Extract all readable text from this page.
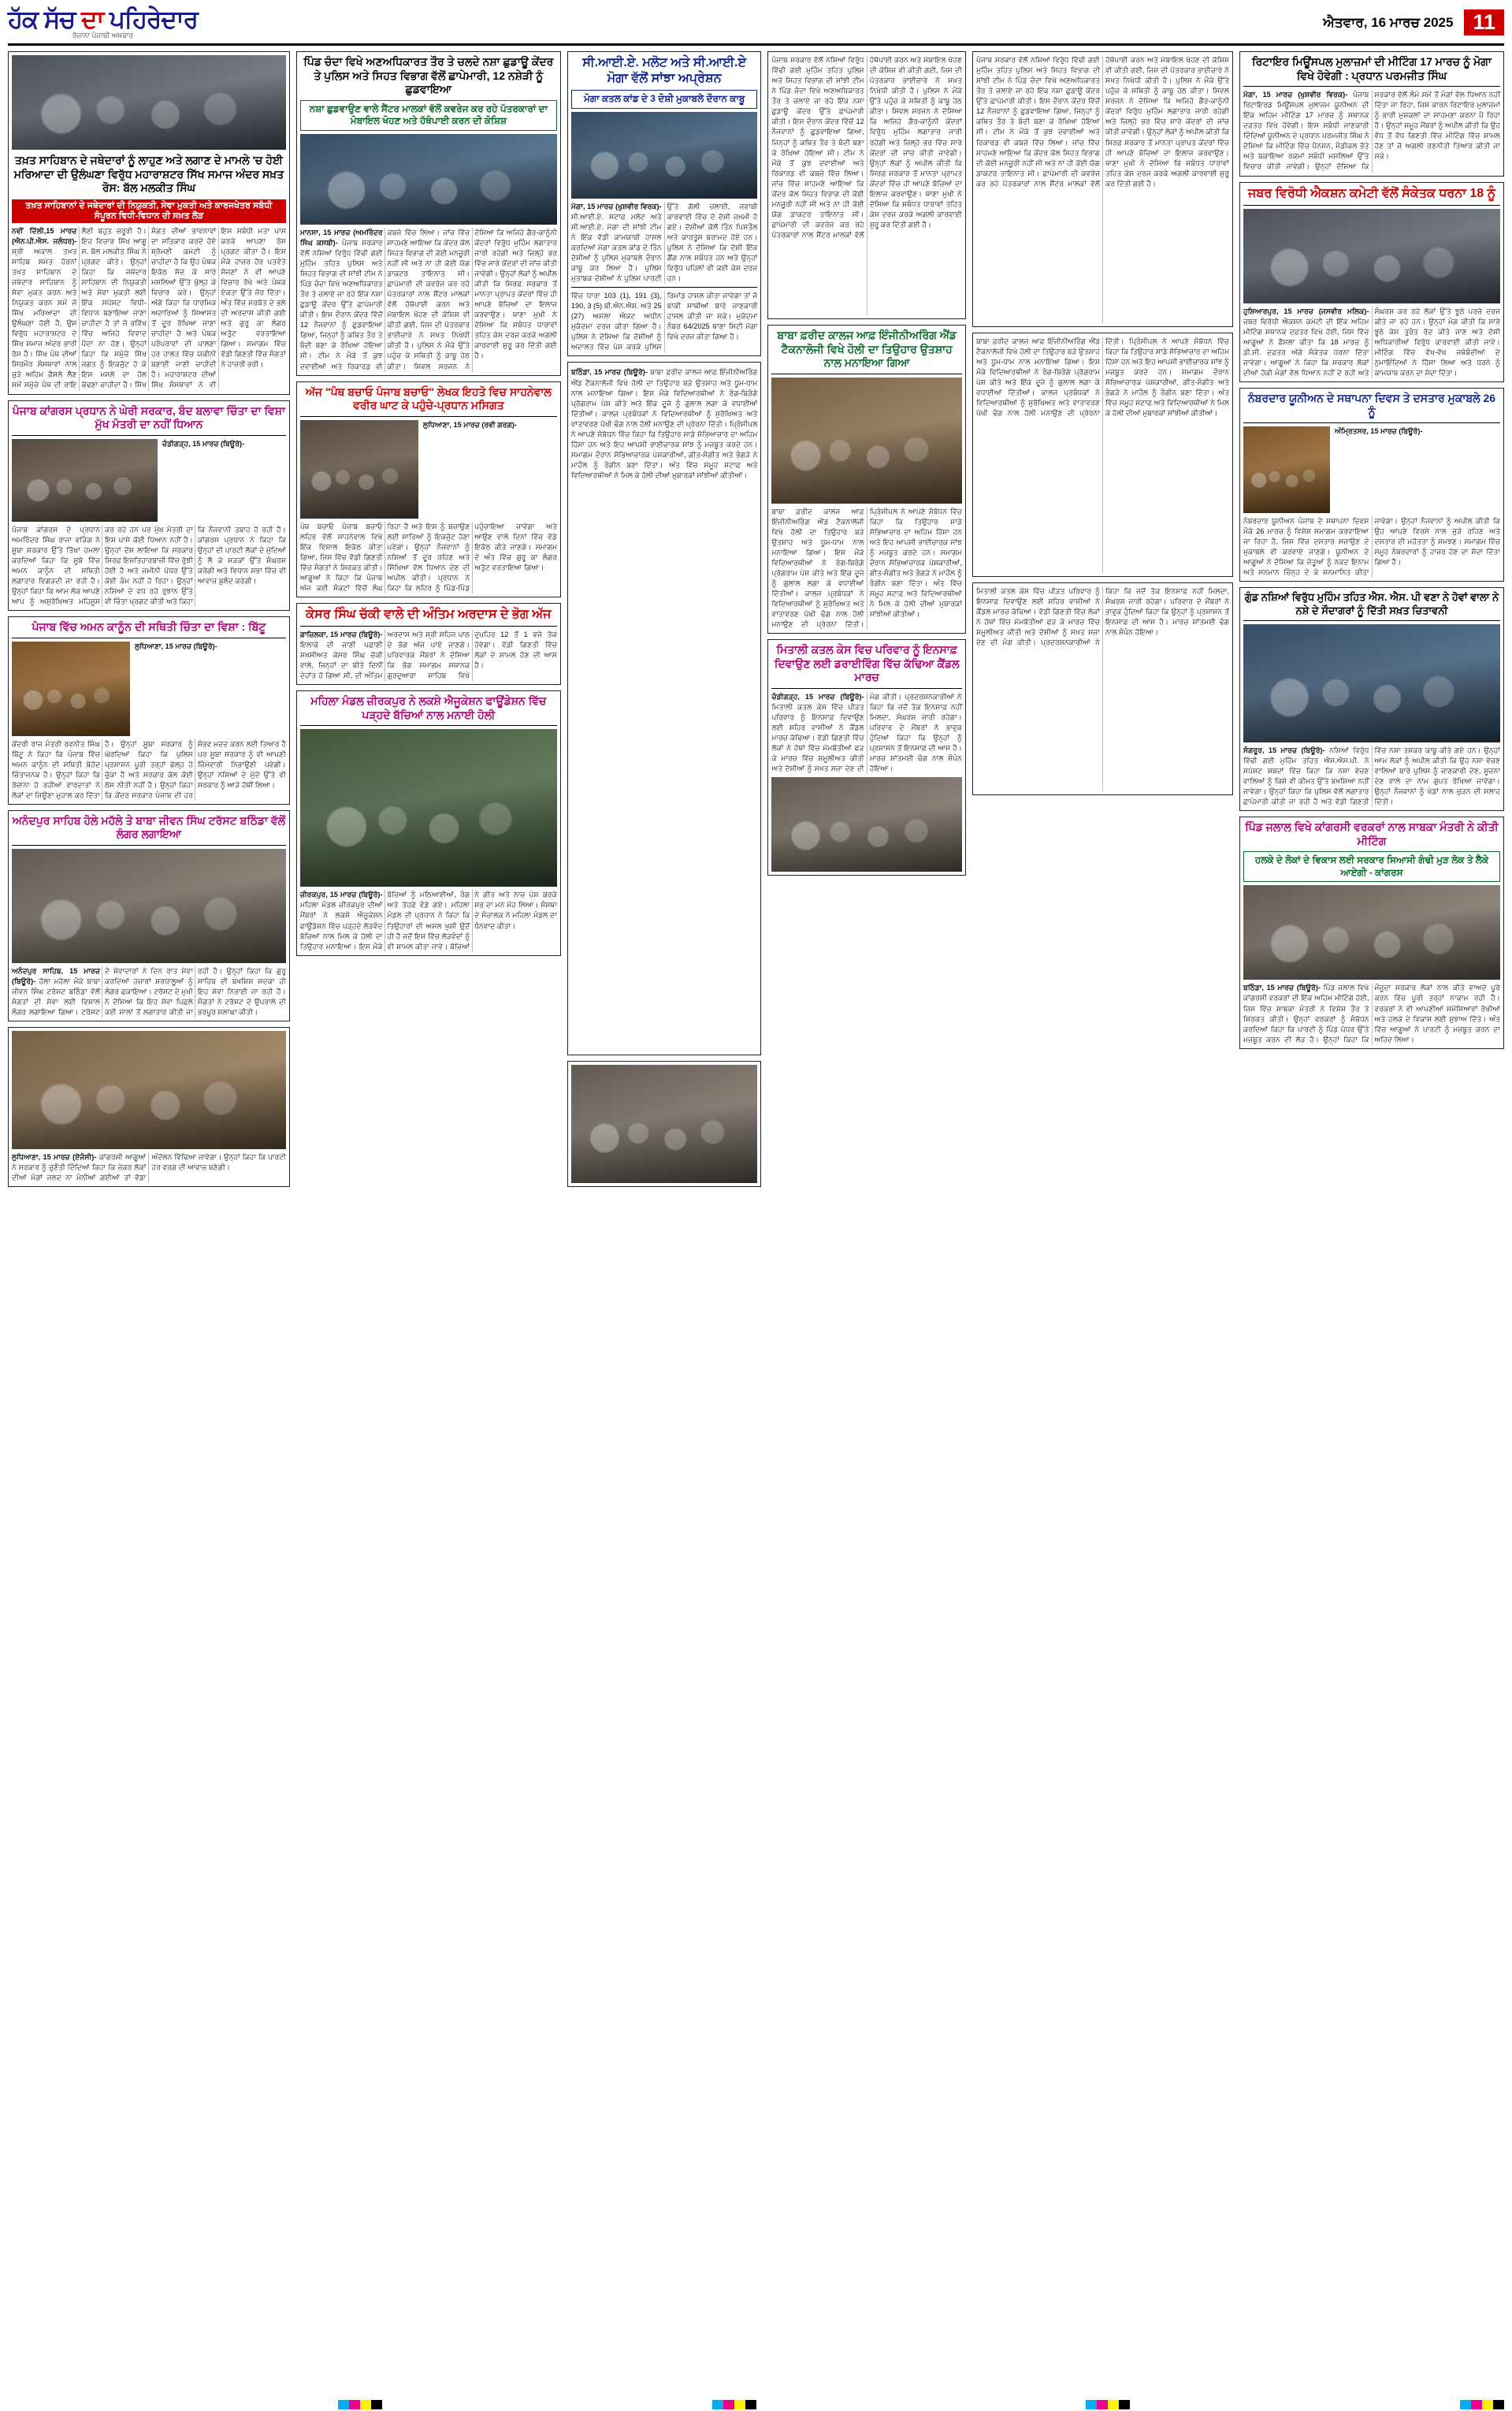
ਹੱਕ ਸੱਚ ਦਾ ਪਹਿਰੇਦਾਰ
ਰੋਜ਼ਾਨਾ ਪੰਜਾਬੀ ਅਖ਼ਬਾਰ
ਐਤਵਾਰ, 16 ਮਾਰਚ 2025 11
ਤਖ਼ਤ ਸਾਹਿਬਾਨ ਦੇ ਜਥੇਦਾਰਾਂ ਨੂੰ ਲਾਹੁਣ ਅਤੇ ਲਗਾਣ ਦੇ ਮਾਮਲੇ 'ਚ ਹੋਈ ਮਰਿਆਦਾ ਦੀ ਉਲੰਘਣਾ ਵਿਰੁੱਧ ਮਹਾਰਾਸ਼ਟਰ ਸਿੱਖ ਸਮਾਜ ਅੰਦਰ ਸਖ਼ਤ ਰੋਸ: ਬੱਲ ਮਲਕੀਤ ਸਿੰਘ
ਤਖ਼ਤ ਸਾਹਿਬਾਨਾਂ ਦੇ ਜਥੇਦਾਰਾਂ ਦੀ ਨਿਯੁਕਤੀ, ਸੇਵਾ ਮੁਕਤੀ ਅਤੇ ਕਾਰਜਖੇਤਰ ਸਬੰਧੀ ਸੰਪੂਰਨ ਵਿਧੀ-ਵਿਧਾਨ ਦੀ ਸਖ਼ਤ ਲੋੜ
ਨਵੀਂ ਦਿੱਲੀ,15 ਮਾਰਚ (ਐਨ.ਪੀ.ਐਸ. ਜਲੰਧਰ)- ਸ੍ਰੀ ਅਕਾਲ ਤਖ਼ਤ ਸਾਹਿਬ ਸਮੇਤ ਹੋਰਨਾਂ ਤਖ਼ਤ ਸਾਹਿਬਾਨ ਦੇ ਜਥੇਦਾਰ ਸਾਹਿਬਾਨ ਨੂੰ ਸੇਵਾ ਮੁਕਤ ਕਰਨ ਅਤੇ ਨਿਯੁਕਤ ਕਰਨ ਸਮੇਂ ਜੋ ਸਿੱਖ ਮਰਿਆਦਾ ਦੀ ਉਲੰਘਣਾ ਹੋਈ ਹੈ, ਉਸ ਵਿਰੁੱਧ ਮਹਾਰਾਸ਼ਟਰ ਦੇ ਸਿੱਖ ਸਮਾਜ ਅੰਦਰ ਭਾਰੀ ਰੋਸ ਹੈ। ਸਿੱਖ ਪੰਥ ਦੀਆਂ ਸਿਰਮੌਰ ਸੰਸਥਾਵਾਂ ਨਾਲ ਜੁੜੇ ਅਹਿਮ ਫ਼ੈਸਲੇ ਲੈਣ ਸਮੇਂ ਸਮੁੱਚੇ ਪੰਥ ਦੀ ਰਾਇ ਲੈਣੀ ਬਹੁਤ ਜ਼ਰੂਰੀ ਹੈ। ਇਹ ਵਿਚਾਰ ਸਿੱਖ ਆਗੂ ਸ. ਬੱਲ ਮਲਕੀਤ ਸਿੰਘ ਨੇ ਪ੍ਰਗਟ ਕੀਤੇ। ਉਨ੍ਹਾਂ ਕਿਹਾ ਕਿ ਜਥੇਦਾਰ ਸਾਹਿਬਾਨ ਦੀ ਨਿਯੁਕਤੀ ਅਤੇ ਸੇਵਾ ਮੁਕਤੀ ਲਈ ਇੱਕ ਸਪੱਸ਼ਟ ਵਿਧੀ-ਵਿਧਾਨ ਬਣਾਇਆ ਜਾਣਾ ਚਾਹੀਦਾ ਹੈ ਤਾਂ ਜੋ ਭਵਿੱਖ ਵਿੱਚ ਅਜਿਹੇ ਵਿਵਾਦ ਪੈਦਾ ਨਾ ਹੋਣ। ਉਨ੍ਹਾਂ ਕਿਹਾ ਕਿ ਸਮੁੱਚੇ ਸਿੱਖ ਜਗਤ ਨੂੰ ਇਕਜੁੱਟ ਹੋ ਕੇ ਇਸ ਮਸਲੇ ਦਾ ਹੱਲ ਕੱਢਣਾ ਚਾਹੀਦਾ ਹੈ। ਸਿੱਖ ਸੰਗਤ ਦੀਆਂ ਭਾਵਨਾਵਾਂ ਦਾ ਸਤਿਕਾਰ ਕਰਦੇ ਹੋਏ ਸ਼੍ਰੋਮਣੀ ਕਮੇਟੀ ਨੂੰ ਚਾਹੀਦਾ ਹੈ ਕਿ ਉਹ ਪੰਥਕ ਇਕੱਠ ਸੱਦ ਕੇ ਸਾਰੇ ਮਸਲਿਆਂ ਉੱਤੇ ਖੁੱਲ੍ਹ ਕੇ ਵਿਚਾਰ ਕਰੇ। ਉਨ੍ਹਾਂ ਅੱਗੇ ਕਿਹਾ ਕਿ ਧਾਰਮਿਕ ਅਦਾਰਿਆਂ ਨੂੰ ਸਿਆਸਤ ਤੋਂ ਦੂਰ ਰੱਖਿਆ ਜਾਣਾ ਚਾਹੀਦਾ ਹੈ ਅਤੇ ਪੰਥਕ ਪਰੰਪਰਾਵਾਂ ਦੀ ਪਾਲਣਾ ਹਰ ਹਾਲਤ ਵਿੱਚ ਯਕੀਨੀ ਬਣਾਈ ਜਾਣੀ ਚਾਹੀਦੀ ਹੈ। ਮਹਾਰਾਸ਼ਟਰ ਦੀਆਂ ਸਿੱਖ ਸੰਸਥਾਵਾਂ ਨੇ ਵੀ ਇਸ ਸਬੰਧੀ ਮਤਾ ਪਾਸ ਕਰਕੇ ਆਪਣਾ ਰੋਸ ਪ੍ਰਗਟ ਕੀਤਾ ਹੈ। ਇਸ ਮੌਕੇ ਹਾਜ਼ਰ ਹੋਰ ਪਤਵੰਤੇ ਸੱਜਣਾਂ ਨੇ ਵੀ ਆਪਣੇ ਵਿਚਾਰ ਰੱਖੇ ਅਤੇ ਪੰਥਕ ਏਕਤਾ ਉੱਤੇ ਜ਼ੋਰ ਦਿੱਤਾ। ਅੰਤ ਵਿੱਚ ਸਰਬੱਤ ਦੇ ਭਲੇ ਦੀ ਅਰਦਾਸ ਕੀਤੀ ਗਈ ਅਤੇ ਗੁਰੂ ਕਾ ਲੰਗਰ ਅਤੁੱਟ ਵਰਤਾਇਆ ਗਿਆ। ਸਮਾਗਮ ਵਿੱਚ ਵੱਡੀ ਗਿਣਤੀ ਵਿੱਚ ਸੰਗਤਾਂ ਨੇ ਹਾਜ਼ਰੀ ਭਰੀ।
ਪੰਜਾਬ ਕਾਂਗਰਸ ਪ੍ਰਧਾਨ ਨੇ ਘੇਰੀ ਸਰਕਾਰ, ਬੰਦ ਬਲਾਵਾ ਚਿੰਤਾ ਦਾ ਵਿਸ਼ਾ ਮੁੱਖ ਮੰਤਰੀ ਦਾ ਨਹੀਂ ਧਿਆਨ
ਚੰਡੀਗੜ੍ਹ, 15 ਮਾਰਚ (ਬਿਊਰੋ)-
ਪੰਜਾਬ ਕਾਂਗਰਸ ਦੇ ਪ੍ਰਧਾਨ ਅਮਰਿੰਦਰ ਸਿੰਘ ਰਾਜਾ ਵੜਿੰਗ ਨੇ ਸੂਬਾ ਸਰਕਾਰ ਉੱਤੇ ਤਿੱਖਾ ਹਮਲਾ ਕਰਦਿਆਂ ਕਿਹਾ ਕਿ ਸੂਬੇ ਵਿੱਚ ਅਮਨ ਕਾਨੂੰਨ ਦੀ ਸਥਿਤੀ ਲਗਾਤਾਰ ਵਿਗੜਦੀ ਜਾ ਰਹੀ ਹੈ। ਉਨ੍ਹਾਂ ਕਿਹਾ ਕਿ ਆਮ ਲੋਕ ਆਪਣੇ ਆਪ ਨੂੰ ਅਸੁਰੱਖਿਅਤ ਮਹਿਸੂਸ ਕਰ ਰਹੇ ਹਨ ਪਰ ਮੁੱਖ ਮੰਤਰੀ ਦਾ ਇਸ ਪਾਸੇ ਕੋਈ ਧਿਆਨ ਨਹੀਂ ਹੈ। ਉਨ੍ਹਾਂ ਦੋਸ਼ ਲਾਇਆ ਕਿ ਸਰਕਾਰ ਸਿਰਫ਼ ਇਸ਼ਤਿਹਾਰਬਾਜ਼ੀ ਵਿੱਚ ਰੁੱਝੀ ਹੋਈ ਹੈ ਅਤੇ ਜ਼ਮੀਨੀ ਪੱਧਰ ਉੱਤੇ ਕੋਈ ਕੰਮ ਨਹੀਂ ਹੋ ਰਿਹਾ। ਉਨ੍ਹਾਂ ਨਸ਼ਿਆਂ ਦੇ ਵਧ ਰਹੇ ਰੁਝਾਨ ਉੱਤੇ ਵੀ ਚਿੰਤਾ ਪ੍ਰਗਟ ਕੀਤੀ ਅਤੇ ਕਿਹਾ ਕਿ ਨੌਜਵਾਨੀ ਤਬਾਹ ਹੋ ਰਹੀ ਹੈ। ਕਾਂਗਰਸ ਪ੍ਰਧਾਨ ਨੇ ਕਿਹਾ ਕਿ ਉਨ੍ਹਾਂ ਦੀ ਪਾਰਟੀ ਲੋਕਾਂ ਦੇ ਮੁੱਦਿਆਂ ਨੂੰ ਲੈ ਕੇ ਸੜਕਾਂ ਉੱਤੇ ਸੰਘਰਸ਼ ਕਰੇਗੀ ਅਤੇ ਵਿਧਾਨ ਸਭਾ ਵਿੱਚ ਵੀ ਆਵਾਜ਼ ਬੁਲੰਦ ਕਰੇਗੀ।
ਪੰਜਾਬ ਵਿੱਚ ਅਮਨ ਕਾਨੂੰਨ ਦੀ ਸਥਿਤੀ ਚਿੰਤਾ ਦਾ ਵਿਸ਼ਾ : ਬਿੱਟੂ
ਲੁਧਿਆਣਾ, 15 ਮਾਰਚ (ਬਿਊਰੋ)-
ਕੇਂਦਰੀ ਰਾਜ ਮੰਤਰੀ ਰਵਨੀਤ ਸਿੰਘ ਬਿੱਟੂ ਨੇ ਕਿਹਾ ਕਿ ਪੰਜਾਬ ਵਿੱਚ ਅਮਨ ਕਾਨੂੰਨ ਦੀ ਸਥਿਤੀ ਬੇਹੱਦ ਚਿੰਤਾਜਨਕ ਹੈ। ਉਨ੍ਹਾਂ ਕਿਹਾ ਕਿ ਰੋਜ਼ਾਨਾ ਹੋ ਰਹੀਆਂ ਵਾਰਦਾਤਾਂ ਨੇ ਲੋਕਾਂ ਦਾ ਜਿਊਣਾ ਮੁਹਾਲ ਕਰ ਦਿੱਤਾ ਹੈ। ਉਨ੍ਹਾਂ ਸੂਬਾ ਸਰਕਾਰ ਨੂੰ ਘੇਰਦਿਆਂ ਕਿਹਾ ਕਿ ਪੁਲਿਸ ਪ੍ਰਸ਼ਾਸਨ ਪੂਰੀ ਤਰ੍ਹਾਂ ਫੇਲ੍ਹ ਹੋ ਚੁੱਕਾ ਹੈ ਅਤੇ ਸਰਕਾਰ ਕੋਲ ਕੋਈ ਠੋਸ ਨੀਤੀ ਨਹੀਂ ਹੈ। ਉਨ੍ਹਾਂ ਕਿਹਾ ਕਿ ਕੇਂਦਰ ਸਰਕਾਰ ਪੰਜਾਬ ਦੀ ਹਰ ਸੰਭਵ ਮਦਦ ਕਰਨ ਲਈ ਤਿਆਰ ਹੈ ਪਰ ਸੂਬਾ ਸਰਕਾਰ ਨੂੰ ਵੀ ਆਪਣੀ ਜ਼ਿੰਮੇਵਾਰੀ ਨਿਭਾਉਣੀ ਪਵੇਗੀ। ਉਨ੍ਹਾਂ ਨਸ਼ਿਆਂ ਦੇ ਮੁੱਦੇ ਉੱਤੇ ਵੀ ਸਰਕਾਰ ਨੂੰ ਆੜੇ ਹੱਥੀਂ ਲਿਆ।
ਅਨੰਦਪੁਰ ਸਾਹਿਬ ਹੋਲੇ ਮਹੱਲੇ ਤੇ ਬਾਬਾ ਜੀਵਨ ਸਿੰਘ ਟਰੱਸਟ ਬਠਿੰਡਾ ਵੱਲੋਂ ਲੰਗਰ ਲਗਾਇਆ
ਅਨੰਦਪੁਰ ਸਾਹਿਬ, 15 ਮਾਰਚ (ਬਿਊਰੋ)- ਹੋਲਾ ਮਹੱਲਾ ਮੌਕੇ ਬਾਬਾ ਜੀਵਨ ਸਿੰਘ ਟਰੱਸਟ ਬਠਿੰਡਾ ਵੱਲੋਂ ਸੰਗਤਾਂ ਦੀ ਸੇਵਾ ਲਈ ਵਿਸ਼ਾਲ ਲੰਗਰ ਲਗਾਇਆ ਗਿਆ। ਟਰੱਸਟ ਦੇ ਸੇਵਾਦਾਰਾਂ ਨੇ ਦਿਨ ਰਾਤ ਸੇਵਾ ਕਰਦਿਆਂ ਹਜ਼ਾਰਾਂ ਸ਼ਰਧਾਲੂਆਂ ਨੂੰ ਲੰਗਰ ਛਕਾਇਆ। ਟਰੱਸਟ ਦੇ ਮੁਖੀ ਨੇ ਦੱਸਿਆ ਕਿ ਇਹ ਸੇਵਾ ਪਿਛਲੇ ਕਈ ਸਾਲਾਂ ਤੋਂ ਲਗਾਤਾਰ ਕੀਤੀ ਜਾ ਰਹੀ ਹੈ। ਉਨ੍ਹਾਂ ਕਿਹਾ ਕਿ ਗੁਰੂ ਸਾਹਿਬ ਦੀ ਬਖ਼ਸ਼ਿਸ਼ ਸਦਕਾ ਹੀ ਇਹ ਸੇਵਾ ਨਿਭਾਈ ਜਾ ਰਹੀ ਹੈ। ਸੰਗਤਾਂ ਨੇ ਟਰੱਸਟ ਦੇ ਉਪਰਾਲੇ ਦੀ ਭਰਪੂਰ ਸ਼ਲਾਘਾ ਕੀਤੀ।
ਲੁਧਿਆਣਾ, 15 ਮਾਰਚ (ਏਜੰਸੀ)- ਕਾਂਗਰਸੀ ਆਗੂਆਂ ਨੇ ਸਰਕਾਰ ਨੂੰ ਚੁਣੌਤੀ ਦਿੰਦਿਆਂ ਕਿਹਾ ਕਿ ਜੇਕਰ ਲੋਕਾਂ ਦੀਆਂ ਮੰਗਾਂ ਜਲਦ ਨਾ ਮੰਨੀਆਂ ਗਈਆਂ ਤਾਂ ਵੱਡਾ ਅੰਦੋਲਨ ਵਿੱਢਿਆ ਜਾਵੇਗਾ। ਉਨ੍ਹਾਂ ਕਿਹਾ ਕਿ ਪਾਰਟੀ ਹਰ ਵਰਗ ਦੀ ਆਵਾਜ਼ ਬਣੇਗੀ।
ਪਿੰਡ ਚੰਦਾ ਵਿਖੇ ਅਣਅਧਿਕਾਰਤ ਤੌਰ ਤੇ ਚਲਦੇ ਨਸ਼ਾ ਛੁਡਾਊ ਕੇਂਦਰ ਤੇ ਪੁਲਿਸ ਅਤੇ ਸਿਹਤ ਵਿਭਾਗ ਵੱਲੋਂ ਛਾਪੇਮਾਰੀ, 12 ਨਸ਼ੇੜੀ ਨੂੰ ਛੁਡਵਾਇਆ
ਨਸ਼ਾ ਛੁਡਵਾਉਣ ਵਾਲੇ ਸੈਂਟਰ ਮਾਲਕਾਂ ਵੱਲੋਂ ਕਵਰੇਜ ਕਰ ਰਹੇ ਪੱਤਰਕਾਰਾਂ ਦਾ ਮੋਬਾਇਲ ਖੋਹਣ ਅਤੇ ਹੱਥੋਪਾਈ ਕਰਨ ਦੀ ਕੋਸ਼ਿਸ਼
ਮਾਨਸਾ, 15 ਮਾਰਚ (ਅਮਰਿੰਦਰ ਸਿੰਘ ਕਸਬੀ)- ਪੰਜਾਬ ਸਰਕਾਰ ਵੱਲੋਂ ਨਸ਼ਿਆਂ ਵਿਰੁੱਧ ਵਿੱਢੀ ਗਈ ਮੁਹਿੰਮ ਤਹਿਤ ਪੁਲਿਸ ਅਤੇ ਸਿਹਤ ਵਿਭਾਗ ਦੀ ਸਾਂਝੀ ਟੀਮ ਨੇ ਪਿੰਡ ਚੰਦਾ ਵਿਖੇ ਅਣਅਧਿਕਾਰਤ ਤੌਰ ਤੇ ਚਲਾਏ ਜਾ ਰਹੇ ਇੱਕ ਨਸ਼ਾ ਛੁਡਾਊ ਕੇਂਦਰ ਉੱਤੇ ਛਾਪੇਮਾਰੀ ਕੀਤੀ। ਇਸ ਦੌਰਾਨ ਕੇਂਦਰ ਵਿੱਚੋਂ 12 ਨੌਜਵਾਨਾਂ ਨੂੰ ਛੁਡਵਾਇਆ ਗਿਆ, ਜਿਨ੍ਹਾਂ ਨੂੰ ਕਥਿਤ ਤੌਰ ਤੇ ਬੰਦੀ ਬਣਾ ਕੇ ਰੱਖਿਆ ਹੋਇਆ ਸੀ। ਟੀਮ ਨੇ ਮੌਕੇ ਤੋਂ ਕੁਝ ਦਵਾਈਆਂ ਅਤੇ ਰਿਕਾਰਡ ਵੀ ਕਬਜ਼ੇ ਵਿੱਚ ਲਿਆ। ਜਾਂਚ ਵਿੱਚ ਸਾਹਮਣੇ ਆਇਆ ਕਿ ਕੇਂਦਰ ਕੋਲ ਸਿਹਤ ਵਿਭਾਗ ਦੀ ਕੋਈ ਮਨਜ਼ੂਰੀ ਨਹੀਂ ਸੀ ਅਤੇ ਨਾ ਹੀ ਕੋਈ ਯੋਗ ਡਾਕਟਰ ਤਾਇਨਾਤ ਸੀ। ਛਾਪੇਮਾਰੀ ਦੀ ਕਵਰੇਜ ਕਰ ਰਹੇ ਪੱਤਰਕਾਰਾਂ ਨਾਲ ਸੈਂਟਰ ਮਾਲਕਾਂ ਵੱਲੋਂ ਹੱਥੋਪਾਈ ਕਰਨ ਅਤੇ ਮੋਬਾਇਲ ਖੋਹਣ ਦੀ ਕੋਸ਼ਿਸ਼ ਵੀ ਕੀਤੀ ਗਈ, ਜਿਸ ਦੀ ਪੱਤਰਕਾਰ ਭਾਈਚਾਰੇ ਨੇ ਸਖ਼ਤ ਨਿਖੇਧੀ ਕੀਤੀ ਹੈ। ਪੁਲਿਸ ਨੇ ਮੌਕੇ ਉੱਤੇ ਪਹੁੰਚ ਕੇ ਸਥਿਤੀ ਨੂੰ ਕਾਬੂ ਹੇਠ ਕੀਤਾ। ਸਿਵਲ ਸਰਜਨ ਨੇ ਦੱਸਿਆ ਕਿ ਅਜਿਹੇ ਗੈਰ-ਕਾਨੂੰਨੀ ਕੇਂਦਰਾਂ ਵਿਰੁੱਧ ਮੁਹਿੰਮ ਲਗਾਤਾਰ ਜਾਰੀ ਰਹੇਗੀ ਅਤੇ ਜ਼ਿਲ੍ਹੇ ਭਰ ਵਿੱਚ ਸਾਰੇ ਕੇਂਦਰਾਂ ਦੀ ਜਾਂਚ ਕੀਤੀ ਜਾਵੇਗੀ। ਉਨ੍ਹਾਂ ਲੋਕਾਂ ਨੂੰ ਅਪੀਲ ਕੀਤੀ ਕਿ ਸਿਰਫ਼ ਸਰਕਾਰ ਤੋਂ ਮਾਨਤਾ ਪ੍ਰਾਪਤ ਕੇਂਦਰਾਂ ਵਿੱਚ ਹੀ ਆਪਣੇ ਬੱਚਿਆਂ ਦਾ ਇਲਾਜ ਕਰਵਾਉਣ। ਥਾਣਾ ਮੁਖੀ ਨੇ ਦੱਸਿਆ ਕਿ ਸਬੰਧਤ ਧਾਰਾਵਾਂ ਤਹਿਤ ਕੇਸ ਦਰਜ ਕਰਕੇ ਅਗਲੀ ਕਾਰਵਾਈ ਸ਼ੁਰੂ ਕਰ ਦਿੱਤੀ ਗਈ ਹੈ।
ਅੱਜ "ਪੰਥ ਬਚਾਓ ਪੰਜਾਬ ਬਚਾਓ" ਲੇਖਕ ਇਹਤੋ ਵਿਚ ਸਾਹਨੇਵਾਲ ਵਰੀਰ ਘਾਟ ਕੇ ਪਹੁੰਚੇ-ਪ੍ਰਧਾਨ ਮਸਿਗਤ
ਲੁਧਿਆਣਾ, 15 ਮਾਰਚ (ਰਵੀ ਗਰਗ)-
ਪੰਥ ਬਚਾਓ ਪੰਜਾਬ ਬਚਾਓ ਲਹਿਰ ਵੱਲੋਂ ਸਾਹਨੇਵਾਲ ਵਿਖੇ ਇੱਕ ਵਿਸ਼ਾਲ ਇਕੱਠ ਕੀਤਾ ਗਿਆ, ਜਿਸ ਵਿੱਚ ਵੱਡੀ ਗਿਣਤੀ ਵਿੱਚ ਸੰਗਤਾਂ ਨੇ ਸ਼ਿਰਕਤ ਕੀਤੀ। ਆਗੂਆਂ ਨੇ ਕਿਹਾ ਕਿ ਪੰਜਾਬ ਅੱਜ ਕਈ ਸੰਕਟਾਂ ਵਿੱਚੋਂ ਲੰਘ ਰਿਹਾ ਹੈ ਅਤੇ ਇਸ ਨੂੰ ਬਚਾਉਣ ਲਈ ਸਾਰਿਆਂ ਨੂੰ ਇਕਜੁੱਟ ਹੋਣਾ ਪਵੇਗਾ। ਉਨ੍ਹਾਂ ਨੌਜਵਾਨਾਂ ਨੂੰ ਨਸ਼ਿਆਂ ਤੋਂ ਦੂਰ ਰਹਿਣ ਅਤੇ ਸਿੱਖਿਆ ਵੱਲ ਧਿਆਨ ਦੇਣ ਦੀ ਅਪੀਲ ਕੀਤੀ। ਪ੍ਰਧਾਨ ਨੇ ਕਿਹਾ ਕਿ ਲਹਿਰ ਨੂੰ ਪਿੰਡ-ਪਿੰਡ ਪਹੁੰਚਾਇਆ ਜਾਵੇਗਾ ਅਤੇ ਆਉਣ ਵਾਲੇ ਦਿਨਾਂ ਵਿੱਚ ਵੱਡੇ ਇਕੱਠ ਕੀਤੇ ਜਾਣਗੇ। ਸਮਾਗਮ ਦੇ ਅੰਤ ਵਿੱਚ ਗੁਰੂ ਕਾ ਲੰਗਰ ਅਤੁੱਟ ਵਰਤਾਇਆ ਗਿਆ।
ਕੇਸਰ ਸਿੰਘ ਚੱਕੀ ਵਾਲੇ ਦੀ ਅੰਤਿਮ ਅਰਦਾਸ ਦੇ ਭੋਗ ਅੱਜ
ਫ਼ਾਜ਼ਿਲਕਾ, 15 ਮਾਰਚ (ਬਿਊਰੋ)- ਇਲਾਕੇ ਦੀ ਜਾਣੀ ਪਛਾਣੀ ਸ਼ਖ਼ਸੀਅਤ ਕੇਸਰ ਸਿੰਘ ਚੱਕੀ ਵਾਲੇ, ਜਿਨ੍ਹਾਂ ਦਾ ਬੀਤੇ ਦਿਨੀਂ ਦੇਹਾਂਤ ਹੋ ਗਿਆ ਸੀ, ਦੀ ਅੰਤਿਮ ਅਰਦਾਸ ਅਤੇ ਸ੍ਰੀ ਸਹਿਜ ਪਾਠ ਦੇ ਭੋਗ ਅੱਜ ਪਾਏ ਜਾਣਗੇ। ਪਰਿਵਾਰਕ ਮੈਂਬਰਾਂ ਨੇ ਦੱਸਿਆ ਕਿ ਭੋਗ ਸਮਾਗਮ ਸਥਾਨਕ ਗੁਰਦੁਆਰਾ ਸਾਹਿਬ ਵਿਖੇ ਦੁਪਹਿਰ 12 ਤੋਂ 1 ਵਜੇ ਤੱਕ ਹੋਵੇਗਾ। ਵੱਡੀ ਗਿਣਤੀ ਵਿੱਚ ਲੋਕਾਂ ਦੇ ਸ਼ਾਮਲ ਹੋਣ ਦੀ ਆਸ ਹੈ।
ਮਹਿਲਾ ਮੰਡਲ ਜ਼ੀਰਕਪੁਰ ਨੇ ਲਕਸ਼ੇ ਐਜੂਕੇਸ਼ਨ ਫਾਊਂਡੇਸ਼ਨ ਵਿੱਚ ਪੜ੍ਹਦੇ ਬੱਚਿਆਂ ਨਾਲ ਮਨਾਈ ਹੋਲੀ
ਜ਼ੀਰਕਪੁਰ, 15 ਮਾਰਚ (ਬਿਊਰੋ)- ਮਹਿਲਾ ਮੰਡਲ ਜ਼ੀਰਕਪੁਰ ਦੀਆਂ ਮੈਂਬਰਾਂ ਨੇ ਲਕਸ਼ੇ ਐਜੂਕੇਸ਼ਨ ਫਾਊਂਡੇਸ਼ਨ ਵਿੱਚ ਪੜ੍ਹਦੇ ਲੋੜਵੰਦ ਬੱਚਿਆਂ ਨਾਲ ਮਿਲ ਕੇ ਹੋਲੀ ਦਾ ਤਿਉਹਾਰ ਮਨਾਇਆ। ਇਸ ਮੌਕੇ ਬੱਚਿਆਂ ਨੂੰ ਮਠਿਆਈਆਂ, ਰੰਗ ਅਤੇ ਤੋਹਫ਼ੇ ਵੰਡੇ ਗਏ। ਮਹਿਲਾ ਮੰਡਲ ਦੀ ਪ੍ਰਧਾਨ ਨੇ ਕਿਹਾ ਕਿ ਤਿਉਹਾਰਾਂ ਦੀ ਅਸਲ ਖ਼ੁਸ਼ੀ ਉਦੋਂ ਹੀ ਹੈ ਜਦੋਂ ਇਸ ਵਿੱਚ ਲੋੜਵੰਦਾਂ ਨੂੰ ਵੀ ਸ਼ਾਮਲ ਕੀਤਾ ਜਾਵੇ। ਬੱਚਿਆਂ ਨੇ ਗੀਤ ਅਤੇ ਨਾਚ ਪੇਸ਼ ਕਰਕੇ ਸਭ ਦਾ ਮਨ ਮੋਹ ਲਿਆ। ਸੰਸਥਾ ਦੇ ਸੰਚਾਲਕ ਨੇ ਮਹਿਲਾ ਮੰਡਲ ਦਾ ਧੰਨਵਾਦ ਕੀਤਾ।
ਸੀ.ਆਈ.ਏ. ਮਲੋਟ ਅਤੇ ਸੀ.ਆਈ.ਏ ਮੋਗਾ ਵੱਲੋਂ ਸਾਂਝਾ ਅਪ੍ਰੇਸ਼ਨ
ਮੋਗਾ ਕਤਲ ਕਾਂਡ ਦੇ 3 ਦੋਸ਼ੀ ਮੁਕਾਬਲੇ ਦੌਰਾਨ ਕਾਬੂ
ਮੋਗਾ, 15 ਮਾਰਚ (ਖੁਸ਼ਵੀਰ ਵਿਰਕ)- ਸੀ.ਆਈ.ਏ. ਸਟਾਫ਼ ਮਲੋਟ ਅਤੇ ਸੀ.ਆਈ.ਏ. ਮੋਗਾ ਦੀ ਸਾਂਝੀ ਟੀਮ ਨੇ ਇੱਕ ਵੱਡੀ ਕਾਮਯਾਬੀ ਹਾਸਲ ਕਰਦਿਆਂ ਮੋਗਾ ਕਤਲ ਕਾਂਡ ਦੇ ਤਿੰਨ ਦੋਸ਼ੀਆਂ ਨੂੰ ਪੁਲਿਸ ਮੁਕਾਬਲੇ ਦੌਰਾਨ ਕਾਬੂ ਕਰ ਲਿਆ ਹੈ। ਪੁਲਿਸ ਮੁਤਾਬਕ ਦੋਸ਼ੀਆਂ ਨੇ ਪੁਲਿਸ ਪਾਰਟੀ ਉੱਤੇ ਗੋਲੀ ਚਲਾਈ, ਜਵਾਬੀ ਕਾਰਵਾਈ ਵਿੱਚ ਦੋ ਦੋਸ਼ੀ ਜ਼ਖ਼ਮੀ ਹੋ ਗਏ। ਦੋਸ਼ੀਆਂ ਕੋਲੋਂ ਤਿੰਨ ਪਿਸਤੌਲ ਅਤੇ ਕਾਰਤੂਸ ਬਰਾਮਦ ਹੋਏ ਹਨ। ਪੁਲਿਸ ਨੇ ਦੱਸਿਆ ਕਿ ਦੋਸ਼ੀ ਇੱਕ ਗੈਂਗ ਨਾਲ ਸਬੰਧਤ ਹਨ ਅਤੇ ਉਨ੍ਹਾਂ ਵਿਰੁੱਧ ਪਹਿਲਾਂ ਵੀ ਕਈ ਕੇਸ ਦਰਜ ਹਨ।
ਵਿੱਚ ਧਾਰਾ 103 (1), 191 (3), 190, 3 (5) ਬੀ.ਐਨ.ਐਸ. ਅਤੇ 25 (27) ਅਸਲਾ ਐਕਟ ਅਧੀਨ ਮੁਕੱਦਮਾ ਦਰਜ ਕੀਤਾ ਗਿਆ ਹੈ। ਪੁਲਿਸ ਨੇ ਦੱਸਿਆ ਕਿ ਦੋਸ਼ੀਆਂ ਨੂੰ ਅਦਾਲਤ ਵਿੱਚ ਪੇਸ਼ ਕਰਕੇ ਪੁਲਿਸ ਰਿਮਾਂਡ ਹਾਸਲ ਕੀਤਾ ਜਾਵੇਗਾ ਤਾਂ ਜੋ ਬਾਕੀ ਸਾਥੀਆਂ ਬਾਰੇ ਜਾਣਕਾਰੀ ਹਾਸਲ ਕੀਤੀ ਜਾ ਸਕੇ। ਮੁਕੱਦਮਾ ਨੰਬਰ 64/2025 ਥਾਣਾ ਸਿਟੀ ਮੋਗਾ ਵਿਖੇ ਦਰਜ ਕੀਤਾ ਗਿਆ ਹੈ।
ਬਠਿੰਡਾ, 15 ਮਾਰਚ (ਬਿਊਰੋ)- ਬਾਬਾ ਫ਼ਰੀਦ ਕਾਲਜ ਆਫ਼ ਇੰਜੀਨੀਅਰਿੰਗ ਐਂਡ ਟੈਕਨਾਲੋਜੀ ਵਿਖੇ ਹੋਲੀ ਦਾ ਤਿਉਹਾਰ ਬੜੇ ਉਤਸ਼ਾਹ ਅਤੇ ਧੂਮ-ਧਾਮ ਨਾਲ ਮਨਾਇਆ ਗਿਆ। ਇਸ ਮੌਕੇ ਵਿਦਿਆਰਥੀਆਂ ਨੇ ਰੰਗ-ਬਿਰੰਗੇ ਪ੍ਰੋਗਰਾਮ ਪੇਸ਼ ਕੀਤੇ ਅਤੇ ਇੱਕ ਦੂਜੇ ਨੂੰ ਗੁਲਾਲ ਲਗਾ ਕੇ ਵਧਾਈਆਂ ਦਿੱਤੀਆਂ। ਕਾਲਜ ਪ੍ਰਬੰਧਕਾਂ ਨੇ ਵਿਦਿਆਰਥੀਆਂ ਨੂੰ ਸੁਰੱਖਿਅਤ ਅਤੇ ਵਾਤਾਵਰਣ ਪੱਖੀ ਢੰਗ ਨਾਲ ਹੋਲੀ ਮਨਾਉਣ ਦੀ ਪ੍ਰੇਰਨਾ ਦਿੱਤੀ। ਪ੍ਰਿੰਸੀਪਲ ਨੇ ਆਪਣੇ ਸੰਬੋਧਨ ਵਿੱਚ ਕਿਹਾ ਕਿ ਤਿਉਹਾਰ ਸਾਡੇ ਸੱਭਿਆਚਾਰ ਦਾ ਅਹਿਮ ਹਿੱਸਾ ਹਨ ਅਤੇ ਇਹ ਆਪਸੀ ਭਾਈਚਾਰਕ ਸਾਂਝ ਨੂੰ ਮਜ਼ਬੂਤ ਕਰਦੇ ਹਨ। ਸਮਾਗਮ ਦੌਰਾਨ ਸੱਭਿਆਚਾਰਕ ਪੇਸ਼ਕਾਰੀਆਂ, ਗੀਤ-ਸੰਗੀਤ ਅਤੇ ਭੰਗੜੇ ਨੇ ਮਾਹੌਲ ਨੂੰ ਰੰਗੀਨ ਬਣਾ ਦਿੱਤਾ। ਅੰਤ ਵਿੱਚ ਸਮੂਹ ਸਟਾਫ਼ ਅਤੇ ਵਿਦਿਆਰਥੀਆਂ ਨੇ ਮਿਲ ਕੇ ਹੋਲੀ ਦੀਆਂ ਮੁਬਾਰਕਾਂ ਸਾਂਝੀਆਂ ਕੀਤੀਆਂ।
ਪੰਜਾਬ ਸਰਕਾਰ ਵੱਲੋਂ ਨਸ਼ਿਆਂ ਵਿਰੁੱਧ ਵਿੱਢੀ ਗਈ ਮੁਹਿੰਮ ਤਹਿਤ ਪੁਲਿਸ ਅਤੇ ਸਿਹਤ ਵਿਭਾਗ ਦੀ ਸਾਂਝੀ ਟੀਮ ਨੇ ਪਿੰਡ ਚੰਦਾ ਵਿਖੇ ਅਣਅਧਿਕਾਰਤ ਤੌਰ ਤੇ ਚਲਾਏ ਜਾ ਰਹੇ ਇੱਕ ਨਸ਼ਾ ਛੁਡਾਊ ਕੇਂਦਰ ਉੱਤੇ ਛਾਪੇਮਾਰੀ ਕੀਤੀ। ਇਸ ਦੌਰਾਨ ਕੇਂਦਰ ਵਿੱਚੋਂ 12 ਨੌਜਵਾਨਾਂ ਨੂੰ ਛੁਡਵਾਇਆ ਗਿਆ, ਜਿਨ੍ਹਾਂ ਨੂੰ ਕਥਿਤ ਤੌਰ ਤੇ ਬੰਦੀ ਬਣਾ ਕੇ ਰੱਖਿਆ ਹੋਇਆ ਸੀ। ਟੀਮ ਨੇ ਮੌਕੇ ਤੋਂ ਕੁਝ ਦਵਾਈਆਂ ਅਤੇ ਰਿਕਾਰਡ ਵੀ ਕਬਜ਼ੇ ਵਿੱਚ ਲਿਆ। ਜਾਂਚ ਵਿੱਚ ਸਾਹਮਣੇ ਆਇਆ ਕਿ ਕੇਂਦਰ ਕੋਲ ਸਿਹਤ ਵਿਭਾਗ ਦੀ ਕੋਈ ਮਨਜ਼ੂਰੀ ਨਹੀਂ ਸੀ ਅਤੇ ਨਾ ਹੀ ਕੋਈ ਯੋਗ ਡਾਕਟਰ ਤਾਇਨਾਤ ਸੀ। ਛਾਪੇਮਾਰੀ ਦੀ ਕਵਰੇਜ ਕਰ ਰਹੇ ਪੱਤਰਕਾਰਾਂ ਨਾਲ ਸੈਂਟਰ ਮਾਲਕਾਂ ਵੱਲੋਂ ਹੱਥੋਪਾਈ ਕਰਨ ਅਤੇ ਮੋਬਾਇਲ ਖੋਹਣ ਦੀ ਕੋਸ਼ਿਸ਼ ਵੀ ਕੀਤੀ ਗਈ, ਜਿਸ ਦੀ ਪੱਤਰਕਾਰ ਭਾਈਚਾਰੇ ਨੇ ਸਖ਼ਤ ਨਿਖੇਧੀ ਕੀਤੀ ਹੈ। ਪੁਲਿਸ ਨੇ ਮੌਕੇ ਉੱਤੇ ਪਹੁੰਚ ਕੇ ਸਥਿਤੀ ਨੂੰ ਕਾਬੂ ਹੇਠ ਕੀਤਾ। ਸਿਵਲ ਸਰਜਨ ਨੇ ਦੱਸਿਆ ਕਿ ਅਜਿਹੇ ਗੈਰ-ਕਾਨੂੰਨੀ ਕੇਂਦਰਾਂ ਵਿਰੁੱਧ ਮੁਹਿੰਮ ਲਗਾਤਾਰ ਜਾਰੀ ਰਹੇਗੀ ਅਤੇ ਜ਼ਿਲ੍ਹੇ ਭਰ ਵਿੱਚ ਸਾਰੇ ਕੇਂਦਰਾਂ ਦੀ ਜਾਂਚ ਕੀਤੀ ਜਾਵੇਗੀ। ਉਨ੍ਹਾਂ ਲੋਕਾਂ ਨੂੰ ਅਪੀਲ ਕੀਤੀ ਕਿ ਸਿਰਫ਼ ਸਰਕਾਰ ਤੋਂ ਮਾਨਤਾ ਪ੍ਰਾਪਤ ਕੇਂਦਰਾਂ ਵਿੱਚ ਹੀ ਆਪਣੇ ਬੱਚਿਆਂ ਦਾ ਇਲਾਜ ਕਰਵਾਉਣ। ਥਾਣਾ ਮੁਖੀ ਨੇ ਦੱਸਿਆ ਕਿ ਸਬੰਧਤ ਧਾਰਾਵਾਂ ਤਹਿਤ ਕੇਸ ਦਰਜ ਕਰਕੇ ਅਗਲੀ ਕਾਰਵਾਈ ਸ਼ੁਰੂ ਕਰ ਦਿੱਤੀ ਗਈ ਹੈ।
ਬਾਬਾ ਫ਼ਰੀਦ ਕਾਲਜ ਆਫ਼ ਇੰਜੀਨੀਅਰਿੰਗ ਐਂਡ ਟੈਕਨਾਲੋਜੀ ਵਿਖੇ ਹੋਲੀ ਦਾ ਤਿਉਹਾਰ ਉਤਸ਼ਾਹ ਨਾਲ ਮਨਾਇਆ ਗਿਆ
ਬਾਬਾ ਫ਼ਰੀਦ ਕਾਲਜ ਆਫ਼ ਇੰਜੀਨੀਅਰਿੰਗ ਐਂਡ ਟੈਕਨਾਲੋਜੀ ਵਿਖੇ ਹੋਲੀ ਦਾ ਤਿਉਹਾਰ ਬੜੇ ਉਤਸ਼ਾਹ ਅਤੇ ਧੂਮ-ਧਾਮ ਨਾਲ ਮਨਾਇਆ ਗਿਆ। ਇਸ ਮੌਕੇ ਵਿਦਿਆਰਥੀਆਂ ਨੇ ਰੰਗ-ਬਿਰੰਗੇ ਪ੍ਰੋਗਰਾਮ ਪੇਸ਼ ਕੀਤੇ ਅਤੇ ਇੱਕ ਦੂਜੇ ਨੂੰ ਗੁਲਾਲ ਲਗਾ ਕੇ ਵਧਾਈਆਂ ਦਿੱਤੀਆਂ। ਕਾਲਜ ਪ੍ਰਬੰਧਕਾਂ ਨੇ ਵਿਦਿਆਰਥੀਆਂ ਨੂੰ ਸੁਰੱਖਿਅਤ ਅਤੇ ਵਾਤਾਵਰਣ ਪੱਖੀ ਢੰਗ ਨਾਲ ਹੋਲੀ ਮਨਾਉਣ ਦੀ ਪ੍ਰੇਰਨਾ ਦਿੱਤੀ। ਪ੍ਰਿੰਸੀਪਲ ਨੇ ਆਪਣੇ ਸੰਬੋਧਨ ਵਿੱਚ ਕਿਹਾ ਕਿ ਤਿਉਹਾਰ ਸਾਡੇ ਸੱਭਿਆਚਾਰ ਦਾ ਅਹਿਮ ਹਿੱਸਾ ਹਨ ਅਤੇ ਇਹ ਆਪਸੀ ਭਾਈਚਾਰਕ ਸਾਂਝ ਨੂੰ ਮਜ਼ਬੂਤ ਕਰਦੇ ਹਨ। ਸਮਾਗਮ ਦੌਰਾਨ ਸੱਭਿਆਚਾਰਕ ਪੇਸ਼ਕਾਰੀਆਂ, ਗੀਤ-ਸੰਗੀਤ ਅਤੇ ਭੰਗੜੇ ਨੇ ਮਾਹੌਲ ਨੂੰ ਰੰਗੀਨ ਬਣਾ ਦਿੱਤਾ। ਅੰਤ ਵਿੱਚ ਸਮੂਹ ਸਟਾਫ਼ ਅਤੇ ਵਿਦਿਆਰਥੀਆਂ ਨੇ ਮਿਲ ਕੇ ਹੋਲੀ ਦੀਆਂ ਮੁਬਾਰਕਾਂ ਸਾਂਝੀਆਂ ਕੀਤੀਆਂ।
ਮਿਤਾਲੀ ਕਤਲ ਕੇਸ ਵਿਚ ਪਰਿਵਾਰ ਨੂੰ ਇਨਸਾਫ਼ ਦਿਵਾਉਣ ਲਈ ਡਰਾਈਵਿੰਗ ਵਿੱਚ ਕੱਢਿਆ ਕੈਂਡਲ ਮਾਰਚ
ਚੰਡੀਗੜ੍ਹ, 15 ਮਾਰਚ (ਬਿਊਰੋ)- ਮਿਤਾਲੀ ਕਤਲ ਕੇਸ ਵਿੱਚ ਪੀੜਤ ਪਰਿਵਾਰ ਨੂੰ ਇਨਸਾਫ਼ ਦਿਵਾਉਣ ਲਈ ਸ਼ਹਿਰ ਵਾਸੀਆਂ ਨੇ ਕੈਂਡਲ ਮਾਰਚ ਕੱਢਿਆ। ਵੱਡੀ ਗਿਣਤੀ ਵਿੱਚ ਲੋਕਾਂ ਨੇ ਹੱਥਾਂ ਵਿੱਚ ਮੋਮਬੱਤੀਆਂ ਫੜ ਕੇ ਮਾਰਚ ਵਿੱਚ ਸ਼ਮੂਲੀਅਤ ਕੀਤੀ ਅਤੇ ਦੋਸ਼ੀਆਂ ਨੂੰ ਸਖ਼ਤ ਸਜ਼ਾ ਦੇਣ ਦੀ ਮੰਗ ਕੀਤੀ। ਪ੍ਰਦਰਸ਼ਨਕਾਰੀਆਂ ਨੇ ਕਿਹਾ ਕਿ ਜਦੋਂ ਤੱਕ ਇਨਸਾਫ਼ ਨਹੀਂ ਮਿਲਦਾ, ਸੰਘਰਸ਼ ਜਾਰੀ ਰਹੇਗਾ। ਪਰਿਵਾਰ ਦੇ ਮੈਂਬਰਾਂ ਨੇ ਭਾਵੁਕ ਹੁੰਦਿਆਂ ਕਿਹਾ ਕਿ ਉਨ੍ਹਾਂ ਨੂੰ ਪ੍ਰਸ਼ਾਸਨ ਤੋਂ ਇਨਸਾਫ਼ ਦੀ ਆਸ ਹੈ। ਮਾਰਚ ਸ਼ਾਂਤਮਈ ਢੰਗ ਨਾਲ ਸੰਪੰਨ ਹੋਇਆ।
ਪੰਜਾਬ ਸਰਕਾਰ ਵੱਲੋਂ ਨਸ਼ਿਆਂ ਵਿਰੁੱਧ ਵਿੱਢੀ ਗਈ ਮੁਹਿੰਮ ਤਹਿਤ ਪੁਲਿਸ ਅਤੇ ਸਿਹਤ ਵਿਭਾਗ ਦੀ ਸਾਂਝੀ ਟੀਮ ਨੇ ਪਿੰਡ ਚੰਦਾ ਵਿਖੇ ਅਣਅਧਿਕਾਰਤ ਤੌਰ ਤੇ ਚਲਾਏ ਜਾ ਰਹੇ ਇੱਕ ਨਸ਼ਾ ਛੁਡਾਊ ਕੇਂਦਰ ਉੱਤੇ ਛਾਪੇਮਾਰੀ ਕੀਤੀ। ਇਸ ਦੌਰਾਨ ਕੇਂਦਰ ਵਿੱਚੋਂ 12 ਨੌਜਵਾਨਾਂ ਨੂੰ ਛੁਡਵਾਇਆ ਗਿਆ, ਜਿਨ੍ਹਾਂ ਨੂੰ ਕਥਿਤ ਤੌਰ ਤੇ ਬੰਦੀ ਬਣਾ ਕੇ ਰੱਖਿਆ ਹੋਇਆ ਸੀ। ਟੀਮ ਨੇ ਮੌਕੇ ਤੋਂ ਕੁਝ ਦਵਾਈਆਂ ਅਤੇ ਰਿਕਾਰਡ ਵੀ ਕਬਜ਼ੇ ਵਿੱਚ ਲਿਆ। ਜਾਂਚ ਵਿੱਚ ਸਾਹਮਣੇ ਆਇਆ ਕਿ ਕੇਂਦਰ ਕੋਲ ਸਿਹਤ ਵਿਭਾਗ ਦੀ ਕੋਈ ਮਨਜ਼ੂਰੀ ਨਹੀਂ ਸੀ ਅਤੇ ਨਾ ਹੀ ਕੋਈ ਯੋਗ ਡਾਕਟਰ ਤਾਇਨਾਤ ਸੀ। ਛਾਪੇਮਾਰੀ ਦੀ ਕਵਰੇਜ ਕਰ ਰਹੇ ਪੱਤਰਕਾਰਾਂ ਨਾਲ ਸੈਂਟਰ ਮਾਲਕਾਂ ਵੱਲੋਂ ਹੱਥੋਪਾਈ ਕਰਨ ਅਤੇ ਮੋਬਾਇਲ ਖੋਹਣ ਦੀ ਕੋਸ਼ਿਸ਼ ਵੀ ਕੀਤੀ ਗਈ, ਜਿਸ ਦੀ ਪੱਤਰਕਾਰ ਭਾਈਚਾਰੇ ਨੇ ਸਖ਼ਤ ਨਿਖੇਧੀ ਕੀਤੀ ਹੈ। ਪੁਲਿਸ ਨੇ ਮੌਕੇ ਉੱਤੇ ਪਹੁੰਚ ਕੇ ਸਥਿਤੀ ਨੂੰ ਕਾਬੂ ਹੇਠ ਕੀਤਾ। ਸਿਵਲ ਸਰਜਨ ਨੇ ਦੱਸਿਆ ਕਿ ਅਜਿਹੇ ਗੈਰ-ਕਾਨੂੰਨੀ ਕੇਂਦਰਾਂ ਵਿਰੁੱਧ ਮੁਹਿੰਮ ਲਗਾਤਾਰ ਜਾਰੀ ਰਹੇਗੀ ਅਤੇ ਜ਼ਿਲ੍ਹੇ ਭਰ ਵਿੱਚ ਸਾਰੇ ਕੇਂਦਰਾਂ ਦੀ ਜਾਂਚ ਕੀਤੀ ਜਾਵੇਗੀ। ਉਨ੍ਹਾਂ ਲੋਕਾਂ ਨੂੰ ਅਪੀਲ ਕੀਤੀ ਕਿ ਸਿਰਫ਼ ਸਰਕਾਰ ਤੋਂ ਮਾਨਤਾ ਪ੍ਰਾਪਤ ਕੇਂਦਰਾਂ ਵਿੱਚ ਹੀ ਆਪਣੇ ਬੱਚਿਆਂ ਦਾ ਇਲਾਜ ਕਰਵਾਉਣ। ਥਾਣਾ ਮੁਖੀ ਨੇ ਦੱਸਿਆ ਕਿ ਸਬੰਧਤ ਧਾਰਾਵਾਂ ਤਹਿਤ ਕੇਸ ਦਰਜ ਕਰਕੇ ਅਗਲੀ ਕਾਰਵਾਈ ਸ਼ੁਰੂ ਕਰ ਦਿੱਤੀ ਗਈ ਹੈ।
ਬਾਬਾ ਫ਼ਰੀਦ ਕਾਲਜ ਆਫ਼ ਇੰਜੀਨੀਅਰਿੰਗ ਐਂਡ ਟੈਕਨਾਲੋਜੀ ਵਿਖੇ ਹੋਲੀ ਦਾ ਤਿਉਹਾਰ ਬੜੇ ਉਤਸ਼ਾਹ ਅਤੇ ਧੂਮ-ਧਾਮ ਨਾਲ ਮਨਾਇਆ ਗਿਆ। ਇਸ ਮੌਕੇ ਵਿਦਿਆਰਥੀਆਂ ਨੇ ਰੰਗ-ਬਿਰੰਗੇ ਪ੍ਰੋਗਰਾਮ ਪੇਸ਼ ਕੀਤੇ ਅਤੇ ਇੱਕ ਦੂਜੇ ਨੂੰ ਗੁਲਾਲ ਲਗਾ ਕੇ ਵਧਾਈਆਂ ਦਿੱਤੀਆਂ। ਕਾਲਜ ਪ੍ਰਬੰਧਕਾਂ ਨੇ ਵਿਦਿਆਰਥੀਆਂ ਨੂੰ ਸੁਰੱਖਿਅਤ ਅਤੇ ਵਾਤਾਵਰਣ ਪੱਖੀ ਢੰਗ ਨਾਲ ਹੋਲੀ ਮਨਾਉਣ ਦੀ ਪ੍ਰੇਰਨਾ ਦਿੱਤੀ। ਪ੍ਰਿੰਸੀਪਲ ਨੇ ਆਪਣੇ ਸੰਬੋਧਨ ਵਿੱਚ ਕਿਹਾ ਕਿ ਤਿਉਹਾਰ ਸਾਡੇ ਸੱਭਿਆਚਾਰ ਦਾ ਅਹਿਮ ਹਿੱਸਾ ਹਨ ਅਤੇ ਇਹ ਆਪਸੀ ਭਾਈਚਾਰਕ ਸਾਂਝ ਨੂੰ ਮਜ਼ਬੂਤ ਕਰਦੇ ਹਨ। ਸਮਾਗਮ ਦੌਰਾਨ ਸੱਭਿਆਚਾਰਕ ਪੇਸ਼ਕਾਰੀਆਂ, ਗੀਤ-ਸੰਗੀਤ ਅਤੇ ਭੰਗੜੇ ਨੇ ਮਾਹੌਲ ਨੂੰ ਰੰਗੀਨ ਬਣਾ ਦਿੱਤਾ। ਅੰਤ ਵਿੱਚ ਸਮੂਹ ਸਟਾਫ਼ ਅਤੇ ਵਿਦਿਆਰਥੀਆਂ ਨੇ ਮਿਲ ਕੇ ਹੋਲੀ ਦੀਆਂ ਮੁਬਾਰਕਾਂ ਸਾਂਝੀਆਂ ਕੀਤੀਆਂ।
ਮਿਤਾਲੀ ਕਤਲ ਕੇਸ ਵਿੱਚ ਪੀੜਤ ਪਰਿਵਾਰ ਨੂੰ ਇਨਸਾਫ਼ ਦਿਵਾਉਣ ਲਈ ਸ਼ਹਿਰ ਵਾਸੀਆਂ ਨੇ ਕੈਂਡਲ ਮਾਰਚ ਕੱਢਿਆ। ਵੱਡੀ ਗਿਣਤੀ ਵਿੱਚ ਲੋਕਾਂ ਨੇ ਹੱਥਾਂ ਵਿੱਚ ਮੋਮਬੱਤੀਆਂ ਫੜ ਕੇ ਮਾਰਚ ਵਿੱਚ ਸ਼ਮੂਲੀਅਤ ਕੀਤੀ ਅਤੇ ਦੋਸ਼ੀਆਂ ਨੂੰ ਸਖ਼ਤ ਸਜ਼ਾ ਦੇਣ ਦੀ ਮੰਗ ਕੀਤੀ। ਪ੍ਰਦਰਸ਼ਨਕਾਰੀਆਂ ਨੇ ਕਿਹਾ ਕਿ ਜਦੋਂ ਤੱਕ ਇਨਸਾਫ਼ ਨਹੀਂ ਮਿਲਦਾ, ਸੰਘਰਸ਼ ਜਾਰੀ ਰਹੇਗਾ। ਪਰਿਵਾਰ ਦੇ ਮੈਂਬਰਾਂ ਨੇ ਭਾਵੁਕ ਹੁੰਦਿਆਂ ਕਿਹਾ ਕਿ ਉਨ੍ਹਾਂ ਨੂੰ ਪ੍ਰਸ਼ਾਸਨ ਤੋਂ ਇਨਸਾਫ਼ ਦੀ ਆਸ ਹੈ। ਮਾਰਚ ਸ਼ਾਂਤਮਈ ਢੰਗ ਨਾਲ ਸੰਪੰਨ ਹੋਇਆ।
ਰਿਟਾਇਰ ਮਿਊਂਸਪਲ ਮੁਲਾਜ਼ਮਾਂ ਦੀ ਮੀਟਿੰਗ 17 ਮਾਰਚ ਨੂੰ ਮੋਗਾ ਵਿਖੇ ਹੋਵੇਗੀ : ਪ੍ਰਧਾਨ ਪਰਮਜੀਤ ਸਿੰਘ
ਮੋਗਾ, 15 ਮਾਰਚ (ਖੁਸ਼ਵੀਰ ਵਿਰਕ)- ਪੰਜਾਬ ਰਿਟਾਇਰਡ ਮਿਊਂਸਪਲ ਮੁਲਾਜ਼ਮ ਯੂਨੀਅਨ ਦੀ ਇੱਕ ਅਹਿਮ ਮੀਟਿੰਗ 17 ਮਾਰਚ ਨੂੰ ਸਥਾਨਕ ਦਫ਼ਤਰ ਵਿਖੇ ਹੋਵੇਗੀ। ਇਸ ਸਬੰਧੀ ਜਾਣਕਾਰੀ ਦਿੰਦਿਆਂ ਯੂਨੀਅਨ ਦੇ ਪ੍ਰਧਾਨ ਪਰਮਜੀਤ ਸਿੰਘ ਨੇ ਦੱਸਿਆ ਕਿ ਮੀਟਿੰਗ ਵਿੱਚ ਪੈਨਸ਼ਨ, ਮੈਡੀਕਲ ਭੱਤੇ ਅਤੇ ਬਕਾਇਆ ਰਕਮਾਂ ਸਬੰਧੀ ਮਸਲਿਆਂ ਉੱਤੇ ਵਿਚਾਰ ਕੀਤੀ ਜਾਵੇਗੀ। ਉਨ੍ਹਾਂ ਦੱਸਿਆ ਕਿ ਸਰਕਾਰ ਵੱਲੋਂ ਲੰਮੇ ਸਮੇਂ ਤੋਂ ਮੰਗਾਂ ਵੱਲ ਧਿਆਨ ਨਹੀਂ ਦਿੱਤਾ ਜਾ ਰਿਹਾ, ਜਿਸ ਕਾਰਨ ਰਿਟਾਇਰ ਮੁਲਾਜ਼ਮਾਂ ਨੂੰ ਭਾਰੀ ਮੁਸ਼ਕਲਾਂ ਦਾ ਸਾਹਮਣਾ ਕਰਨਾ ਪੈ ਰਿਹਾ ਹੈ। ਉਨ੍ਹਾਂ ਸਮੂਹ ਮੈਂਬਰਾਂ ਨੂੰ ਅਪੀਲ ਕੀਤੀ ਕਿ ਉਹ ਵੱਧ ਤੋਂ ਵੱਧ ਗਿਣਤੀ ਵਿੱਚ ਮੀਟਿੰਗ ਵਿੱਚ ਸ਼ਾਮਲ ਹੋਣ ਤਾਂ ਜੋ ਅਗਲੀ ਰਣਨੀਤੀ ਤਿਆਰ ਕੀਤੀ ਜਾ ਸਕੇ।
ਜਬਰ ਵਿਰੋਧੀ ਐਕਸ਼ਨ ਕਮੇਟੀ ਵੱਲੋਂ ਸੰਕੇਤਕ ਧਰਨਾ 18 ਨੂੰ
ਹੁਸ਼ਿਆਰਪੁਰ, 15 ਮਾਰਚ (ਜਸਵੀਰ ਮਲਿਕ)- ਜਬਰ ਵਿਰੋਧੀ ਐਕਸ਼ਨ ਕਮੇਟੀ ਦੀ ਇੱਕ ਅਹਿਮ ਮੀਟਿੰਗ ਸਥਾਨਕ ਦਫ਼ਤਰ ਵਿਖੇ ਹੋਈ, ਜਿਸ ਵਿੱਚ ਆਗੂਆਂ ਨੇ ਫ਼ੈਸਲਾ ਕੀਤਾ ਕਿ 18 ਮਾਰਚ ਨੂੰ ਡੀ.ਸੀ. ਦਫ਼ਤਰ ਅੱਗੇ ਸੰਕੇਤਕ ਧਰਨਾ ਦਿੱਤਾ ਜਾਵੇਗਾ। ਆਗੂਆਂ ਨੇ ਕਿਹਾ ਕਿ ਸਰਕਾਰ ਲੋਕਾਂ ਦੀਆਂ ਹੱਕੀ ਮੰਗਾਂ ਵੱਲ ਧਿਆਨ ਨਹੀਂ ਦੇ ਰਹੀ ਅਤੇ ਸੰਘਰਸ਼ ਕਰ ਰਹੇ ਲੋਕਾਂ ਉੱਤੇ ਝੂਠੇ ਪਰਚੇ ਦਰਜ ਕੀਤੇ ਜਾ ਰਹੇ ਹਨ। ਉਨ੍ਹਾਂ ਮੰਗ ਕੀਤੀ ਕਿ ਸਾਰੇ ਝੂਠੇ ਕੇਸ ਤੁਰੰਤ ਰੱਦ ਕੀਤੇ ਜਾਣ ਅਤੇ ਦੋਸ਼ੀ ਅਧਿਕਾਰੀਆਂ ਵਿਰੁੱਧ ਕਾਰਵਾਈ ਕੀਤੀ ਜਾਵੇ। ਮੀਟਿੰਗ ਵਿੱਚ ਵੱਖ-ਵੱਖ ਜਥੇਬੰਦੀਆਂ ਦੇ ਨੁਮਾਇੰਦਿਆਂ ਨੇ ਹਿੱਸਾ ਲਿਆ ਅਤੇ ਧਰਨੇ ਨੂੰ ਕਾਮਯਾਬ ਕਰਨ ਦਾ ਸੱਦਾ ਦਿੱਤਾ।
ਨੰਬਰਦਾਰ ਯੂਨੀਅਨ ਦੇ ਸਥਾਪਨਾ ਦਿਵਸ ਤੇ ਦਸਤਾਰ ਮੁਕਾਬਲੇ 26 ਨੂੰ
ਅੰਮ੍ਰਿਤਸਰ, 15 ਮਾਰਚ (ਬਿਊਰੋ)-
ਨੰਬਰਦਾਰ ਯੂਨੀਅਨ ਪੰਜਾਬ ਦੇ ਸਥਾਪਨਾ ਦਿਵਸ ਮੌਕੇ 26 ਮਾਰਚ ਨੂੰ ਵਿਸ਼ੇਸ਼ ਸਮਾਗਮ ਕਰਵਾਇਆ ਜਾ ਰਿਹਾ ਹੈ, ਜਿਸ ਵਿੱਚ ਦਸਤਾਰ ਸਜਾਉਣ ਦੇ ਮੁਕਾਬਲੇ ਵੀ ਕਰਵਾਏ ਜਾਣਗੇ। ਯੂਨੀਅਨ ਦੇ ਆਗੂਆਂ ਨੇ ਦੱਸਿਆ ਕਿ ਜੇਤੂਆਂ ਨੂੰ ਨਕਦ ਇਨਾਮ ਅਤੇ ਸਨਮਾਨ ਚਿੰਨ੍ਹ ਦੇ ਕੇ ਸਨਮਾਨਿਤ ਕੀਤਾ ਜਾਵੇਗਾ। ਉਨ੍ਹਾਂ ਨੌਜਵਾਨਾਂ ਨੂੰ ਅਪੀਲ ਕੀਤੀ ਕਿ ਉਹ ਆਪਣੇ ਵਿਰਸੇ ਨਾਲ ਜੁੜੇ ਰਹਿਣ ਅਤੇ ਦਸਤਾਰ ਦੀ ਮਹੱਤਤਾ ਨੂੰ ਸਮਝਣ। ਸਮਾਗਮ ਵਿੱਚ ਸਮੂਹ ਨੰਬਰਦਾਰਾਂ ਨੂੰ ਹਾਜ਼ਰ ਹੋਣ ਦਾ ਸੱਦਾ ਦਿੱਤਾ ਗਿਆ ਹੈ।
ਗੁੰਡ ਨਸ਼ਿਆਂ ਵਿਰੁੱਧ ਮੁਹਿੰਮ ਤਹਿਤ ਐਸ. ਐਸ. ਪੀ ਵਣਾ ਨੇ ਹੋਵਾਂ ਵਾਲਾ ਨੇ ਨਸ਼ੇ ਦੇ ਸੌਦਾਗਰਾਂ ਨੂੰ ਦਿੱਤੀ ਸਖ਼ਤ ਚਿਤਾਵਨੀ
ਸੰਗਰੂਰ, 15 ਮਾਰਚ (ਬਿਊਰੋ)- ਨਸ਼ਿਆਂ ਵਿਰੁੱਧ ਵਿੱਢੀ ਗਈ ਮੁਹਿੰਮ ਤਹਿਤ ਐਸ.ਐਸ.ਪੀ. ਨੇ ਸਪੱਸ਼ਟ ਸ਼ਬਦਾਂ ਵਿੱਚ ਕਿਹਾ ਕਿ ਨਸ਼ਾ ਵੇਚਣ ਵਾਲਿਆਂ ਨੂੰ ਕਿਸੇ ਵੀ ਕੀਮਤ ਉੱਤੇ ਬਖ਼ਸ਼ਿਆ ਨਹੀਂ ਜਾਵੇਗਾ। ਉਨ੍ਹਾਂ ਕਿਹਾ ਕਿ ਪੁਲਿਸ ਵੱਲੋਂ ਲਗਾਤਾਰ ਛਾਪੇਮਾਰੀ ਕੀਤੀ ਜਾ ਰਹੀ ਹੈ ਅਤੇ ਵੱਡੀ ਗਿਣਤੀ ਵਿੱਚ ਨਸ਼ਾ ਤਸਕਰ ਕਾਬੂ ਕੀਤੇ ਗਏ ਹਨ। ਉਨ੍ਹਾਂ ਆਮ ਲੋਕਾਂ ਨੂੰ ਅਪੀਲ ਕੀਤੀ ਕਿ ਉਹ ਨਸ਼ਾ ਵੇਚਣ ਵਾਲਿਆਂ ਬਾਰੇ ਪੁਲਿਸ ਨੂੰ ਜਾਣਕਾਰੀ ਦੇਣ, ਸੂਚਨਾ ਦੇਣ ਵਾਲੇ ਦਾ ਨਾਮ ਗੁਪਤ ਰੱਖਿਆ ਜਾਵੇਗਾ। ਉਨ੍ਹਾਂ ਨੌਜਵਾਨਾਂ ਨੂੰ ਖੇਡਾਂ ਨਾਲ ਜੁੜਨ ਦੀ ਸਲਾਹ ਦਿੱਤੀ।
ਪਿੰਡ ਜਲਾਲ ਵਿਖੇ ਕਾਂਗਰਸੀ ਵਰਕਰਾਂ ਨਾਲ ਸਾਬਕਾ ਮੰਤਰੀ ਨੇ ਕੀਤੀ ਮੀਟਿੰਗ
ਹਲਕੇ ਦੇ ਲੋਕਾਂ ਦੇ ਵਿਕਾਸ ਲਈ ਸਰਕਾਰ ਸਿਆਸੀ ਗੰਢੀ ਮੁੜ ਲੋਕ ਤੇ ਲੈਕੇ ਆਏਗੀ - ਕਾਂਗਰਸ
ਬਠਿੰਡਾ, 15 ਮਾਰਚ (ਬਿਊਰੋ)- ਪਿੰਡ ਜਲਾਲ ਵਿਖੇ ਕਾਂਗਰਸੀ ਵਰਕਰਾਂ ਦੀ ਇੱਕ ਅਹਿਮ ਮੀਟਿੰਗ ਹੋਈ, ਜਿਸ ਵਿੱਚ ਸਾਬਕਾ ਮੰਤਰੀ ਨੇ ਵਿਸ਼ੇਸ਼ ਤੌਰ ਤੇ ਸ਼ਿਰਕਤ ਕੀਤੀ। ਉਨ੍ਹਾਂ ਵਰਕਰਾਂ ਨੂੰ ਸੰਬੋਧਨ ਕਰਦਿਆਂ ਕਿਹਾ ਕਿ ਪਾਰਟੀ ਨੂੰ ਪਿੰਡ ਪੱਧਰ ਉੱਤੇ ਮਜ਼ਬੂਤ ਕਰਨ ਦੀ ਲੋੜ ਹੈ। ਉਨ੍ਹਾਂ ਕਿਹਾ ਕਿ ਮੌਜੂਦਾ ਸਰਕਾਰ ਲੋਕਾਂ ਨਾਲ ਕੀਤੇ ਵਾਅਦੇ ਪੂਰੇ ਕਰਨ ਵਿੱਚ ਪੂਰੀ ਤਰ੍ਹਾਂ ਨਾਕਾਮ ਰਹੀ ਹੈ। ਵਰਕਰਾਂ ਨੇ ਵੀ ਆਪਣੀਆਂ ਸਮੱਸਿਆਵਾਂ ਰੱਖੀਆਂ ਅਤੇ ਹਲਕੇ ਦੇ ਵਿਕਾਸ ਲਈ ਸੁਝਾਅ ਦਿੱਤੇ। ਅੰਤ ਵਿੱਚ ਆਗੂਆਂ ਨੇ ਪਾਰਟੀ ਨੂੰ ਮਜ਼ਬੂਤ ਕਰਨ ਦਾ ਅਹਿਦ ਲਿਆ।
